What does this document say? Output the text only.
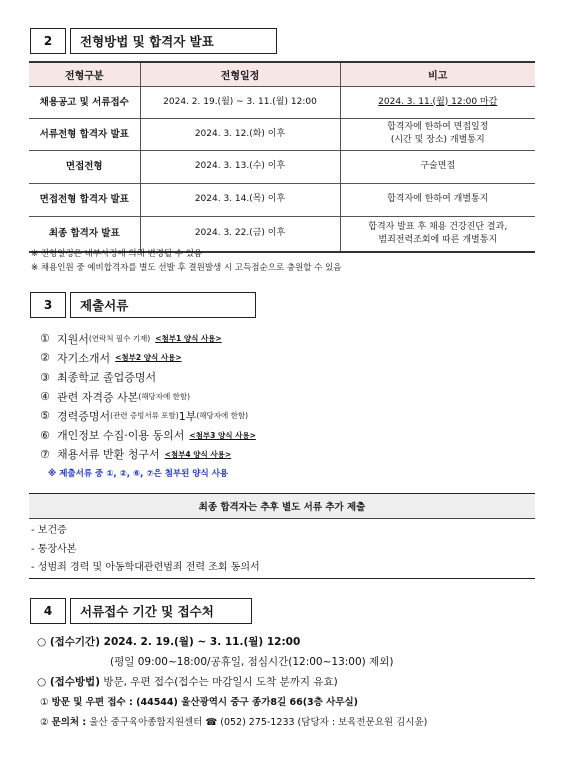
2	전형방법 및 합격자 발표
전형구분	전형일정	비고
채용공고 및 서류접수	2024. 2. 19.(월) ~ 3. 11.(월) 12:00	2024. 3. 11.(월) 12:00 마감
서류전형 합격자 발표	2024. 3. 12.(화) 이후	합격자에 한하여 면접일정
(시간 및 장소) 개별통지

면접전형	2024. 3. 13.(수) 이후	구술면접
면접전형 합격자 발표	2024. 3. 14.(목) 이후	합격자에 한하여 개별통지
최종 합격자 발표	2024. 3. 22.(금) 이후	합격자 발표 후 채용 건강진단 결과,
범죄전력조회에 따른 개별통지
※ 전형일정은 내부사정에 의해 변경될 수 있음
※ 채용인원 중 예비합격자를 별도 선발 후 결원발생 시 고득점순으로 충원할 수 있음
3	제출서류
① 지원서 (연락처 필수 기재) <첨부1 양식 사용>
② 자기소개서 <첨부2 양식 사용>
③ 최종학교 졸업증명서
④ 관련 자격증 사본 (해당자에 한함)
⑤ 경력증명서 (관련 증빙서류 포함) 1부 (해당자에 한함)
⑥ 개인정보 수집·이용 동의서 <첨부3 양식 사용>
⑦ 채용서류 반환 청구서 <첨부4 양식 사용>
※ 제출서류 중 ①, ②, ⑥, ⑦은 첨부된 양식 사용
최종 합격자는 추후 별도 서류 추가 제출
- 보건증
- 통장사본
- 성범죄 경력 및 아동학대관련범죄 전력 조회 동의서
4	서류접수 기간 및 접수처
○ (접수기간) 2024. 2. 19.(월) ~ 3. 11.(월) 12:00
(평일 09:00~18:00/공휴일, 점심시간(12:00~13:00) 제외)
○ (접수방법) 방문, 우편 접수(접수는 마감일시 도착 분까지 유효)
① 방문 및 우편 접수 : (44544) 울산광역시 중구 종가8길 66(3층 사무실)
② 문의처 : 울산 중구육아종합지원센터 ☎ (052) 275-1233 (담당자 : 보육전문요원 김시윤)
